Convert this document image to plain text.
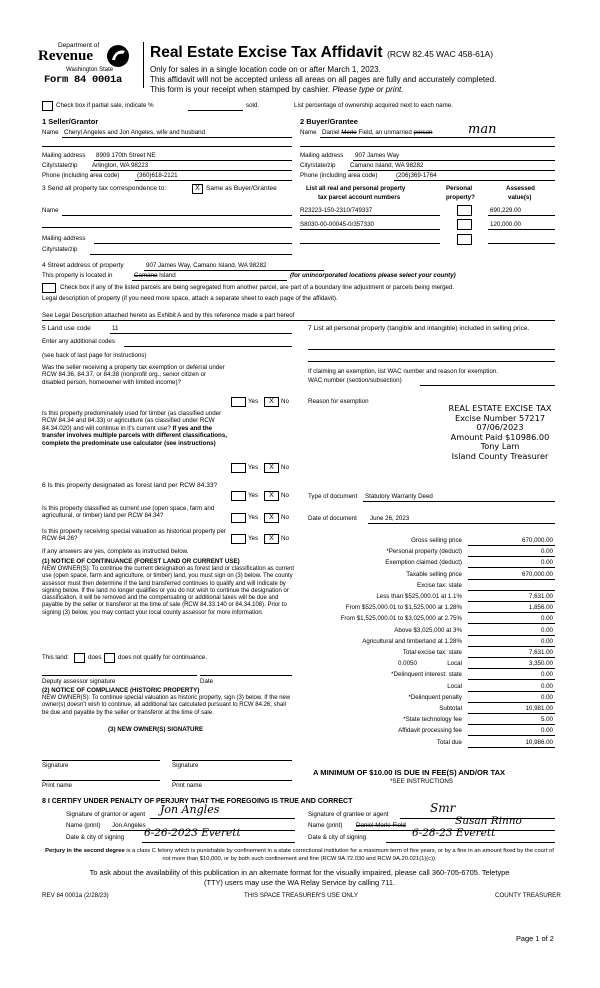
Department of
Revenue
Washington State
Form 84 0001a
Real Estate Excise Tax Affidavit (RCW 82.45 WAC 458-61A)
Only for sales in a single location code on or after March 1, 2023.
This affidavit will not be accepted unless all areas on all pages are fully and accurately completed.
This form is your receipt when stamped by cashier. Please type or print.
Check box if partial sale, indicate %	sold.	List percentage of ownership acquired next to each name.
1 Seller/Grantor
Name Cheryl Angeles and Jon Angeles, wife and husband
Mailing address 8909 170th Street NE
City/state/zip Arlington, WA 98223
Phone (including area code)	(360)618-2121
2 Buyer/Grantee
Name Daniel Merle Field, an unmarried person	man
Mailing address 907 James Way
City/state/zip Camano Island, WA 98282
Phone (including area code)	(206)369-1764
3 Send all property tax correspondence to:	X Same as Buyer/Grantee
Name
Mailing address
City/state/zip
List all real and personal property
tax parcel account numbers
Personal
property?
Assessed
value(s)
R23223-150-2310/749337	690,229.00
S8030-00-00045-0/357330	120,000.00
4 Street address of property	907 James Way, Camano Island, WA 98282
This property is located in	Camano Island	(for unincorporated locations please select your county)
Check box if any of the listed parcels are being segregated from another parcel, are part of a boundary line adjustment or parcels being merged.
Legal description of property (if you need more space, attach a separate sheet to each page of the affidavit).
See Legal Description attached hereto as Exhibit A and by this reference made a part hereof
5 Land use code	11
Enter any additional codes
(see back of last page for instructions)
Was the seller receiving a property tax exemption or deferral under RCW 84.36, 84.37, or 84.38 (nonprofit org., senior citizen or disabled person, homeowner with limited income)?
Yes	X	No
Is this property predominately used for timber (as classified under RCW 84.34 and 84.33) or agriculture (as classified under RCW 84.34.020) and will continue in it's current use? If yes and the transfer involves multiple parcels with different classifications, complete the predominate use calculator (see instructions)
Yes	X	No
7 List all personal property (tangible and intangible) included in selling price.
If claiming an exemption, list WAC number and reason for exemption.
WAC number (section/subsection)
Reason for exemption
REAL ESTATE EXCISE TAX
Excise Number 57217
07/06/2023
Amount Paid $10986.00
Tony Lam
Island County Treasurer
6 Is this property designated as forest land per RCW 84.33?
Yes	X	No
Is this property classified as current use (open space, farm and agricultural, or timber) land per RCW 84.34?	Yes	X	No
Is this property receiving special valuation as historical property per RCW 84.26?	Yes	X	No
If any answers are yes, complete as instructed below.
(1) NOTICE OF CONTINUANCE (FOREST LAND OR CURRENT USE)
NEW OWNER(S): To continue the current designation as forest land or classification as current use (open space, farm and agriculture, or timber) land, you must sign on (3) below. The county assessor must then determine if the land transferred continues to qualify and will indicate by signing below. If the land no longer qualifies or you do not wish to continue the designation or classification, it will be removed and the compensating or additional taxes will be due and payable by the seller or transferor at the time of sale (RCW 84.33.140 or 84.34.108). Prior to signing (3) below, you may contact your local county assessor for more information.
This land:	does	does not qualify for continuance.
Deputy assessor signature	Date
(2) NOTICE OF COMPLIANCE (HISTORIC PROPERTY)
NEW OWNER(S): To continue special valuation as historic property, sign (3) below. If the new owner(s) doesn't wish to continue, all additional tax calculated pursuant to RCW 84.26, shall be due and payable by the seller or transferor at the time of sale.
(3) NEW OWNER(S) SIGNATURE
Signature	Signature
Print name	Print name
Type of document Statutory Warranty Deed
Date of document June 26, 2023
Gross selling price	670,000.00
*Personal property (deduct)	0.00
Exemption claimed (deduct)	0.00
Taxable selling price	670,000.00
Excise tax: state
Less than $525,000.01 at 1.1%	7,631.00
From $525,000.01 to $1,525,000 at 1.28%	1,856.00
From $1,525,000.01 to $3,025,000 at 2.75%	0.00
Above $3,025,000 at 3%	0.00
Agricultural and timberland at 1.28%	0.00
Total excise tax: state	7,631.00
Local
0.0050	3,350.00
*Delinquent interest: state	0.00
Local	0.00
*Delinquent penalty	0.00
Subtotal	10,981.00
*State technology fee	5.00
Affidavit processing fee	0.00
Total due	10,986.00
A MINIMUM OF $10.00 IS DUE IN FEE(S) AND/OR TAX
*SEE INSTRUCTIONS
8 I CERTIFY UNDER PENALTY OF PERJURY THAT THE FOREGOING IS TRUE AND CORRECT
Signature of grantor or agent Jon Angles	Signature of grantee or agent	Smr
Name (print) Jon Angeles	Name (print) Daniel Merle Field	Susan Rinno
Date & city of signing 6-26-2023 Everett	Date & city of signing	6-28-23 Everett
Perjury in the second degree is a class C felony which is punishable by confinement in a state correctional institution for a maximum term of five years, or by a fine in an amount fixed by the court of not more than $10,000, or by both such confinement and fine (RCW 9A.72.030 and RCW 9A.20.021(1)(c)).
To ask about the availability of this publication in an alternate format for the visually impaired, please call 360-705-6705. Teletype
(TTY) users may use the WA Relay Service by calling 711.
REV 84 0001a (2/28/23)	THIS SPACE TREASURER'S USE ONLY	COUNTY TREASURER
Page 1 of 2
